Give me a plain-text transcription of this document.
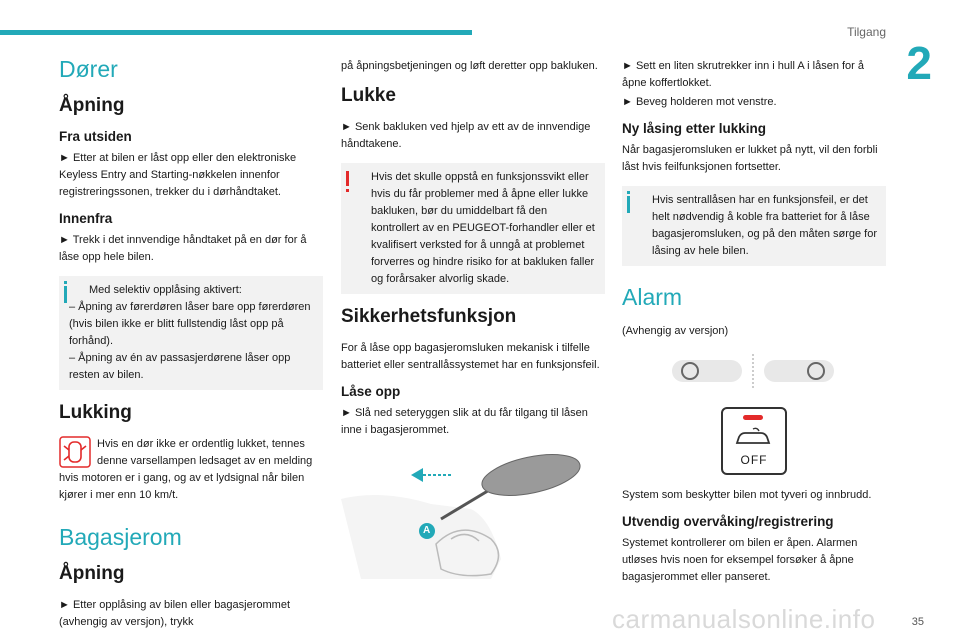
Tilgang
2
Dører
Åpning
Fra utsiden

► Etter at bilen er låst opp eller den elektroniske Keyless Entry and Starting-nøkkelen innenfor registreringssonen, trekker du i dørhåndtaket.

Innenfra

► Trekk i det innvendige håndtaket på en dør for å låse opp hele bilen.

Med selektiv opplåsing aktivert:
– Åpning av førerdøren låser bare opp førerdøren (hvis bilen ikke er blitt fullstendig låst opp på forhånd).
– Åpning av én av passasjerdørene låser opp resten av bilen.
Lukking
Hvis en dør ikke er ordentlig lukket, tennes denne varsellampen ledsaget av en melding hvis motoren er i gang, og av et lydsignal når bilen kjører i mer enn 10 km/t.
Bagasjerom
Åpning

► Etter opplåsing av bilen eller bagasjerommet (avhengig av versjon), trykk

på åpningsbetjeningen og løft deretter opp bakluken.

Lukke

► Senk bakluken ved hjelp av ett av de innvendige håndtakene.

Hvis det skulle oppstå en funksjonssvikt eller hvis du får problemer med å åpne eller lukke bakluken, bør du umiddelbart få den kontrollert av en PEUGEOT-forhandler eller et kvalifisert verksted for å unngå at problemet forverres og hindre risiko for at bakluken faller og forårsaker alvorlig skade.
Sikkerhetsfunksjon

For å låse opp bagasjeromsluken mekanisk i tilfelle batteriet eller sentrallåssystemet har en funksjonsfeil.

Låse opp

► Slå ned seteryggen slik at du får tilgang til låsen inne i bagasjerommet.

A

► Sett en liten skrutrekker inn i hull A i låsen for å åpne koffertlokket.

► Beveg holderen mot venstre.

Ny låsing etter lukking

Når bagasjeromsluken er lukket på nytt, vil den forbli låst hvis feilfunksjonen fortsetter.

Hvis sentrallåsen har en funksjonsfeil, er det helt nødvendig å koble fra batteriet for å låse bagasjeromsluken, og på den måten sørge for låsing av hele bilen.
Alarm

(Avhengig av versjon)

OFF

System som beskytter bilen mot tyveri og innbrudd.

Utvendig overvåking/registrering

Systemet kontrollerer om bilen er åpen. Alarmen utløses hvis noen for eksempel forsøker å åpne bagasjerommet eller panseret.

carmanualsonline.info	35
